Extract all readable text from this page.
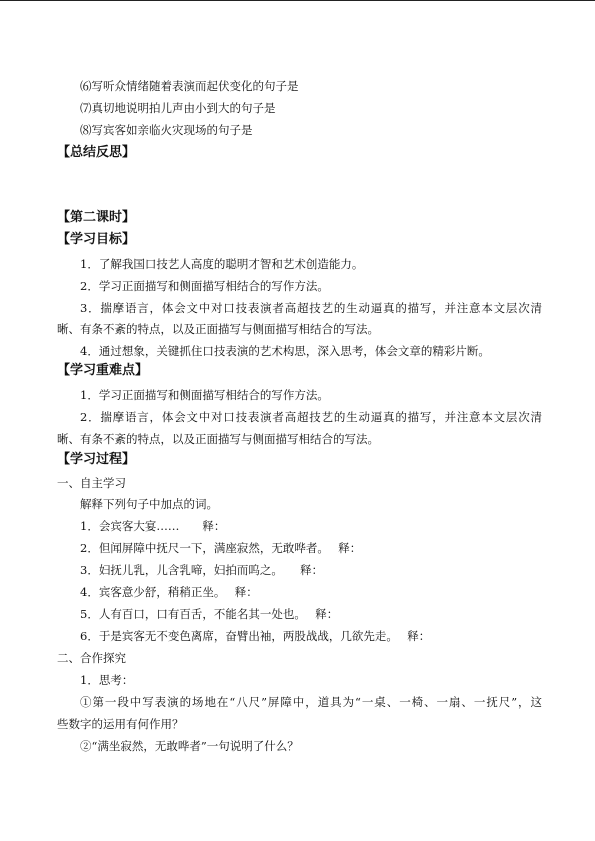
⑹写听众情绪随着表演而起伏变化的句子是
⑺真切地说明拍儿声由小到大的句子是
⑻写宾客如亲临火灾现场的句子是
【总结反思】
【第二课时】
【学习目标】
1．了解我国口技艺人高度的聪明才智和艺术创造能力。
2．学习正面描写和侧面描写相结合的写作方法。
3．揣摩语言，体会文中对口技表演者高超技艺的生动逼真的描写，并注意本文层次清
晰、有条不紊的特点，以及正面描写与侧面描写相结合的写法。
4．通过想象，关键抓住口技表演的艺术构思，深入思考，体会文章的精彩片断。
【学习重难点】
1．学习正面描写和侧面描写相结合的写作方法。
2．揣摩语言，体会文中对口技表演者高超技艺的生动逼真的描写，并注意本文层次清
晰、有条不紊的特点，以及正面描写与侧面描写相结合的写法。
【学习过程】
一、自主学习
解释下列句子中加点的词。
1．会宾客大宴……　　释：
2．但闻屏障中抚尺一下，满座寂然，无敢哗者。　 释：
3．妇抚儿乳，儿含乳啼，妇拍而呜之。　　释：
4．宾客意少舒，稍稍正坐。　 释：
5．人有百口，口有百舌，不能名其一处也。　 释：
6．于是宾客无不变色离席，奋臂出袖，两股战战，几欲先走。　 释：
二、合作探究
1．思考：
①第一段中写表演的场地在“八尺”屏障中，道具为“一桌、一椅、一扇、一抚尺”，这
些数字的运用有何作用？
②“满坐寂然，无敢哗者”一句说明了什么？
